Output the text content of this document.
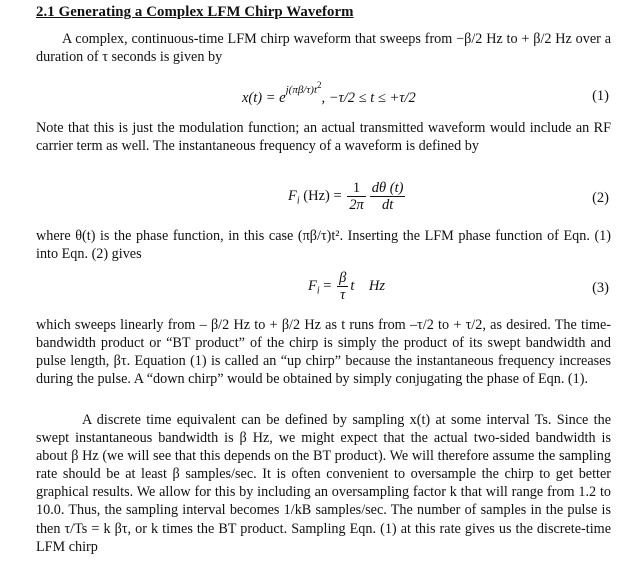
2.1 Generating a Complex LFM Chirp Waveform
A complex, continuous-time LFM chirp waveform that sweeps from −β/2 Hz to + β/2 Hz over a duration of τ seconds is given by
$x(t) = e^{j(\pi\beta/\tau)t2}$, −τ/2 ≤ t ≤ +τ/2	(1)
Note that this is just the modulation function; an actual transmitted waveform would include an RF carrier term as well. The instantaneous frequency of a waveform is defined by
$F_i$ $(Hz) = \frac{1}{2\pi} \frac{d\theta (t)}{dt}$	(2)
where θ(t) is the phase function, in this case (πβ/τ)t². Inserting the LFM phase function of Eqn. (1) into Eqn. (2) gives
$F_i = \frac{\beta}{\tau}$ t    Hz	(3)
which sweeps linearly from – β/2 Hz to + β/2 Hz as t runs from –τ/2 to + τ/2, as desired. The time-bandwidth product or “BT product” of the chirp is simply the product of its swept bandwidth and pulse length, βτ. Equation (1) is called an “up chirp” because the instantaneous frequency increases during the pulse. A “down chirp” would be obtained by simply conjugating the phase of Eqn. (1).
A discrete time equivalent can be defined by sampling x(t) at some interval Ts. Since the swept instantaneous bandwidth is β Hz, we might expect that the actual two-sided bandwidth is about β Hz (we will see that this depends on the BT product). We will therefore assume the sampling rate should be at least β samples/sec. It is often convenient to oversample the chirp to get better graphical results. We allow for this by including an oversampling factor k that will range from 1.2 to 10.0. Thus, the sampling interval becomes 1/kB samples/sec. The number of samples in the pulse is then τ/Ts = k βτ, or k times the BT product. Sampling Eqn. (1) at this rate gives us the discrete-time LFM chirp
